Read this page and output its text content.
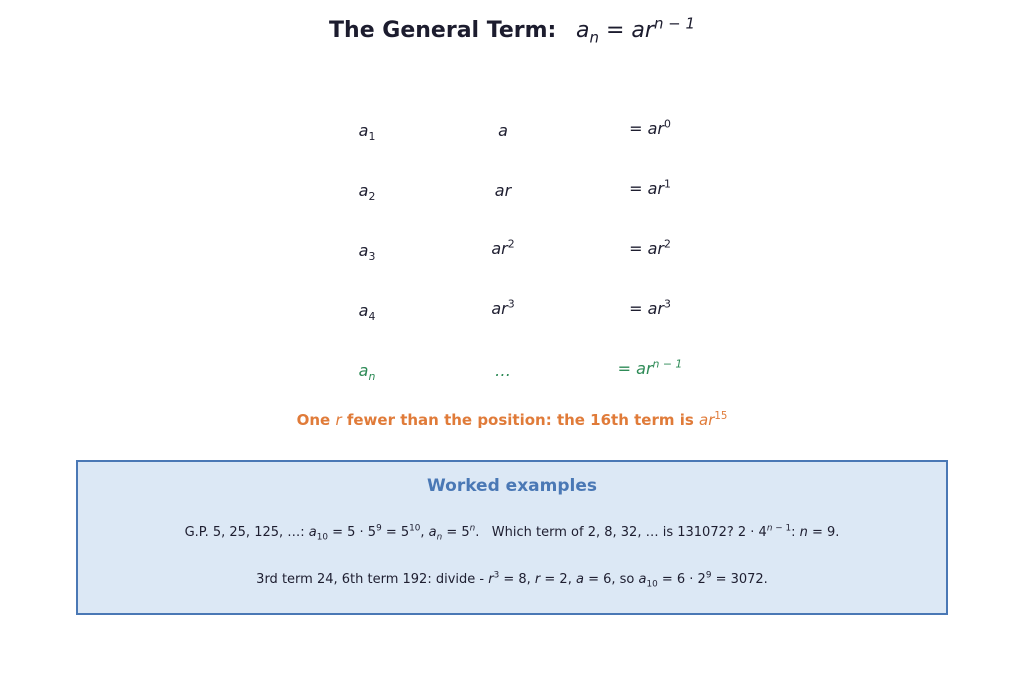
The General Term: $a_n = ar^{n - 1}$
$a_1$	a	= $ar^0$
$a_2$	ar	= $ar^1$
$a_3$	$ar^2$	= $ar^2$
$a_4$	$ar^3$	= $ar^3$
$a_n$	…	= $ar^{n - 1}$
One r fewer than the position: the 16th term is $ar^{15}$
Worked examples
G.P. 5, 25, 125, …: $a_{10} = 5 \cdot 5^9 = 5^{10}$, $a_n = 5^n$.   Which term of 2, 8, 32, … is 131072? $2 \cdot 4^{n - 1}$: n = 9.
3rd term 24, 6th term 192: divide - $r^3 = 8$, r = 2, a = 6, so $a_{10} = 6 \cdot 2^9 = 3072$.
